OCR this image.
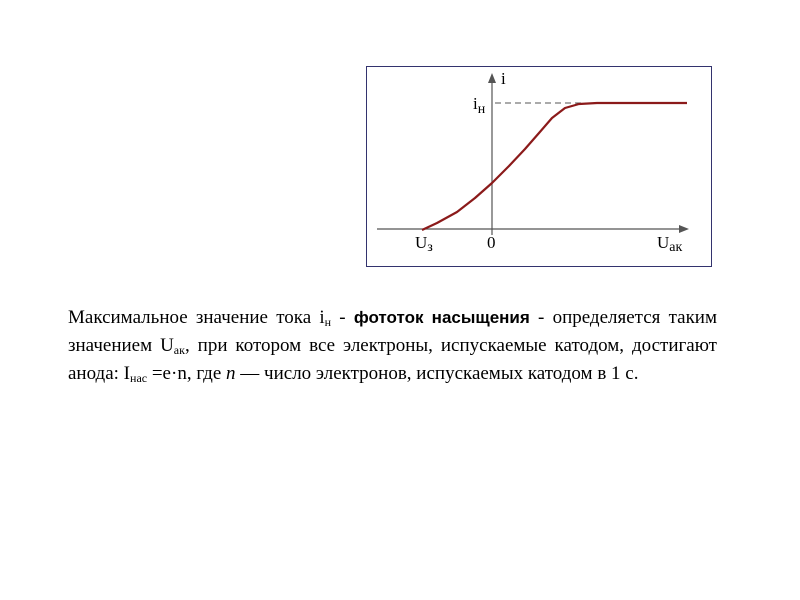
i
$i_н$
0
Uз	Uак

Максимальное значение тока $i_н$ - фототок насыщения - определяется таким значением $U_{ак}$, при котором все электроны, испускаемые катодом, достигают анода: $I_{нас} =e\cdot n$, где n — число электронов, испускаемых катодом в 1 с.
